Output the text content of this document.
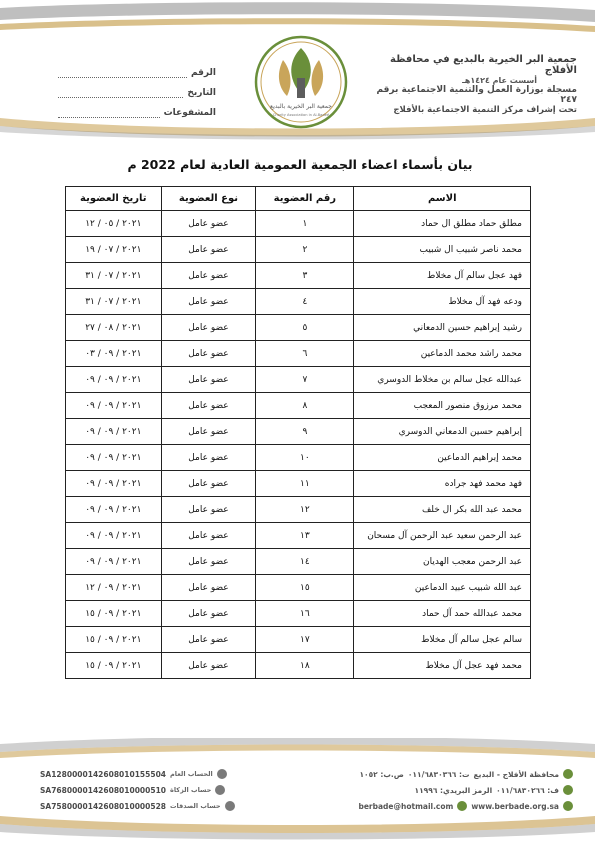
جمعية البر الخيرية بالبديع في محافظة الأفلاج
أسست عام ١٤٢٤هـ
مسجلة بوزارة العمل والتنمية الاجتماعية برقم ٢٤٧
تحت إشراف مركز التنمية الاجتماعية بالأفلاج
الرقم
التاريخ
المشفوعات
جمعية البر الخيرية بالبديع
Charity Association in Al-Badeé
بيان بأسماء اعضاء الجمعية العمومية العادية لعام 2022 م
الاسم	رقم العضوية	نوع العضوية	تاريخ العضوية
مطلق حماد مطلق ال حماد	١	عضو عامل	٢٠٢١ / ٠٥ / ١٢
محمد ناصر شبيب ال شبيب	٢	عضو عامل	٢٠٢١ / ٠٧ / ١٩
فهد عجل سالم آل مخلاط	٣	عضو عامل	٢٠٢١ / ٠٧ / ٣١
ودعه فهد آل مخلاط	٤	عضو عامل	٢٠٢١ / ٠٧ / ٣١
رشيد إبراهيم حسين الدمعاني	٥	عضو عامل	٢٠٢١ / ٠٨ / ٢٧
محمد راشد محمد الدماعين	٦	عضو عامل	٢٠٢١ / ٠٩ / ٠٣
عبدالله عجل سالم بن مخلاط الدوسري	٧	عضو عامل	٢٠٢١ / ٠٩ / ٠٩
محمد مرزوق منصور المعجب	٨	عضو عامل	٢٠٢١ / ٠٩ / ٠٩
إبراهيم حسين الدمعاني الدوسري	٩	عضو عامل	٢٠٢١ / ٠٩ / ٠٩
محمد إبراهيم الدماعين	١٠	عضو عامل	٢٠٢١ / ٠٩ / ٠٩
فهد محمد فهد جراده	١١	عضو عامل	٢٠٢١ / ٠٩ / ٠٩
محمد عبد الله بكر ال خلف	١٢	عضو عامل	٢٠٢١ / ٠٩ / ٠٩
عبد الرحمن سعيد عبد الرحمن آل مسحان	١٣	عضو عامل	٢٠٢١ / ٠٩ / ٠٩
عبد الرحمن معجب الهديان	١٤	عضو عامل	٢٠٢١ / ٠٩ / ٠٩
عبد الله شبيب عبيد الدماعين	١٥	عضو عامل	٢٠٢١ / ٠٩ / ١٢
محمد عبدالله حمد آل حماد	١٦	عضو عامل	٢٠٢١ / ٠٩ / ١٥
سالم عجل سالم آل مخلاط	١٧	عضو عامل	٢٠٢١ / ٠٩ / ١٥
محمد فهد عجل آل مخلاط	١٨	عضو عامل	٢٠٢١ / ٠٩ / ١٥
محافظة الأفلاج - البديع
ت: ٠١١/٦٨٣٠٣٦٦
ص.ب: ١٠٥٢
ف: ٠١١/٦٨٣٠٢٦٦
الرمز البريدي: ١١٩٩٦
www.berbade.org.sa
berbade@hotmail.com
SA1280000142608010155504 الحساب العام
SA7680000142608010000510 حساب الزكاة
SA7580000142608010000528 حساب الصدقات
